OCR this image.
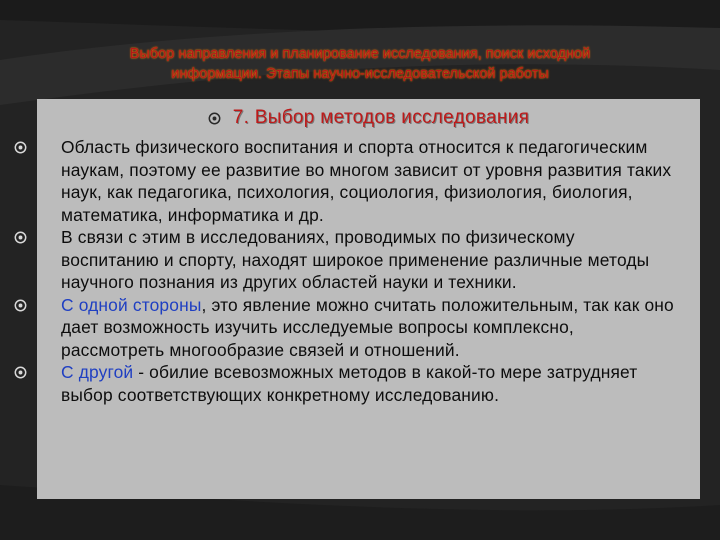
Выбор направления и планирование исследования, поиск исходной
информации. Этапы научно-исследовательской работы
7. Выбор методов исследования
Область физического воспитания и спорта относится к педагогическим наукам, поэтому ее развитие во многом зависит от уровня развития таких наук, как педагогика, психология, социология, физиология, биология, математика, информатика и др.
В связи с этим в исследованиях, проводимых по физическому воспитанию и спорту, находят широкое применение различные методы научного познания из других областей науки и техники.
С одной стороны, это явление можно считать положительным, так как оно дает возможность изучить исследуемые вопросы комплексно, рассмотреть многообразие связей и отношений.
С другой - обилие всевозможных методов в какой-то мере затрудняет выбор соответствующих конкретному исследованию.
